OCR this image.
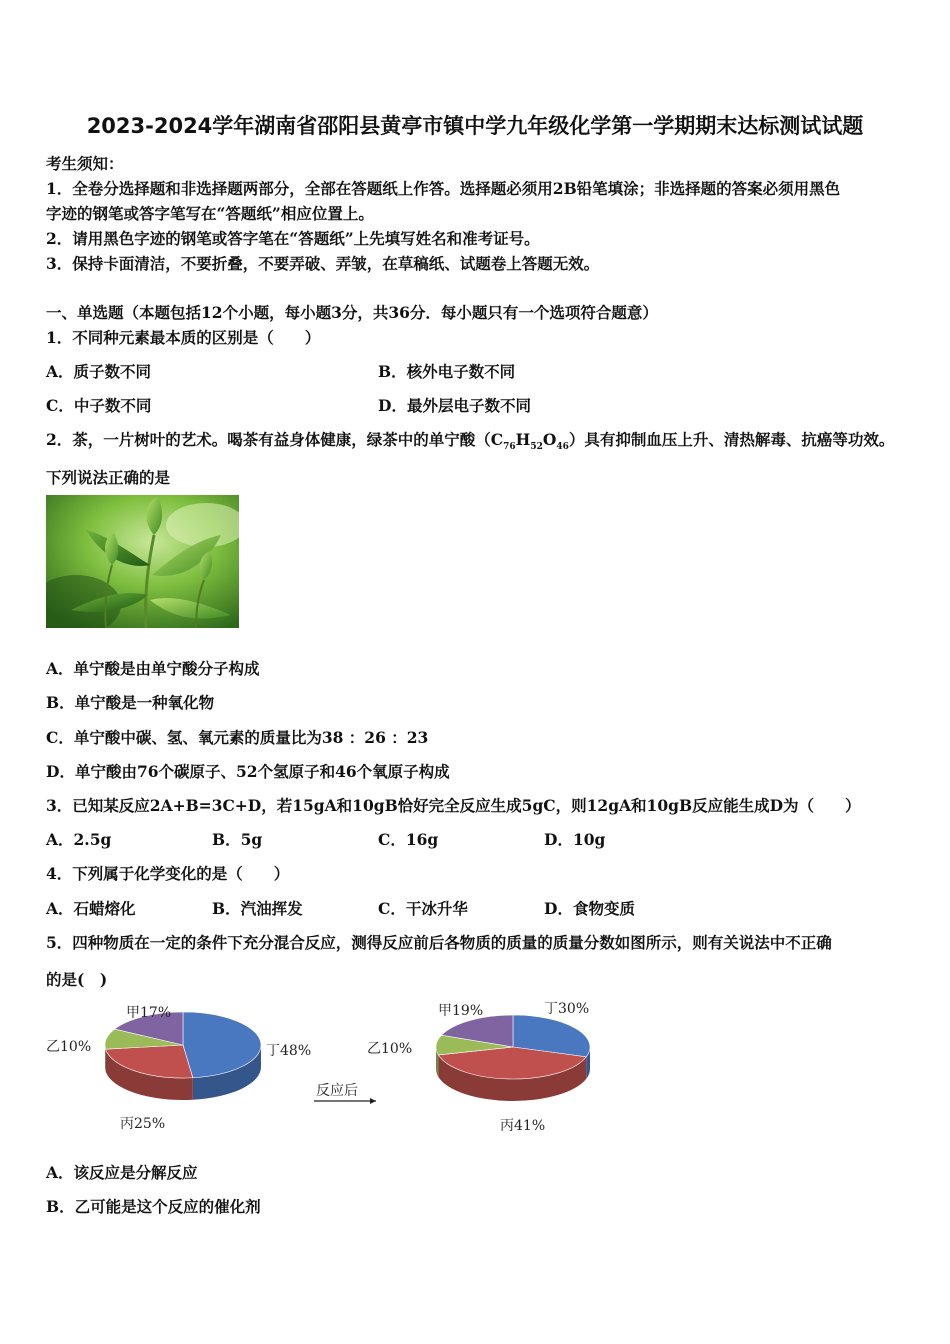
2023-2024学年湖南省邵阳县黄亭市镇中学九年级化学第一学期期末达标测试试题
考生须知：
1．全卷分选择题和非选择题两部分，全部在答题纸上作答。选择题必须用2B铅笔填涂；非选择题的答案必须用黑色
字迹的钢笔或答字笔写在“答题纸”相应位置上。
2．请用黑色字迹的钢笔或答字笔在“答题纸”上先填写姓名和准考证号。
3．保持卡面清洁，不要折叠，不要弄破、弄皱，在草稿纸、试题卷上答题无效。
一、单选题（本题包括12个小题，每小题3分，共36分．每小题只有一个选项符合题意）
1．不同种元素最本质的区别是（　　）
A．质子数不同	B．核外电子数不同
C．中子数不同	D．最外层电子数不同
2．茶，一片树叶的艺术。喝茶有益身体健康，绿茶中的单宁酸$(C_{76}H_{52}O_{46})$具有抑制血压上升、清热解毒、抗癌等功效。
下列说法正确的是
A．单宁酸是由单宁酸分子构成
B．单宁酸是一种氧化物
C．单宁酸中碳、氢、氧元素的质量比为38 ：26 ：23
D．单宁酸由76个碳原子、52个氢原子和46个氧原子构成
3．已知某反应2A+B=3C+D，若15gA和10gB恰好完全反应生成5gC，则12gA和10gB反应能生成D为（　　）
A．2.5g	B．5g	C．16g	D．10g
4．下列属于化学变化的是（　　）
A．石蜡熔化	B．汽油挥发	C．干冰升华	D．食物变质
5．四种物质在一定的条件下充分混合反应，测得反应前后各物质的质量的质量分数如图所示，则有关说法中不正确
的是(　)
丁48%
丙25%
乙10%
甲17%	丁30%
丙41%
乙10%
甲19%
反应后
A．该反应是分解反应
B．乙可能是这个反应的催化剂
